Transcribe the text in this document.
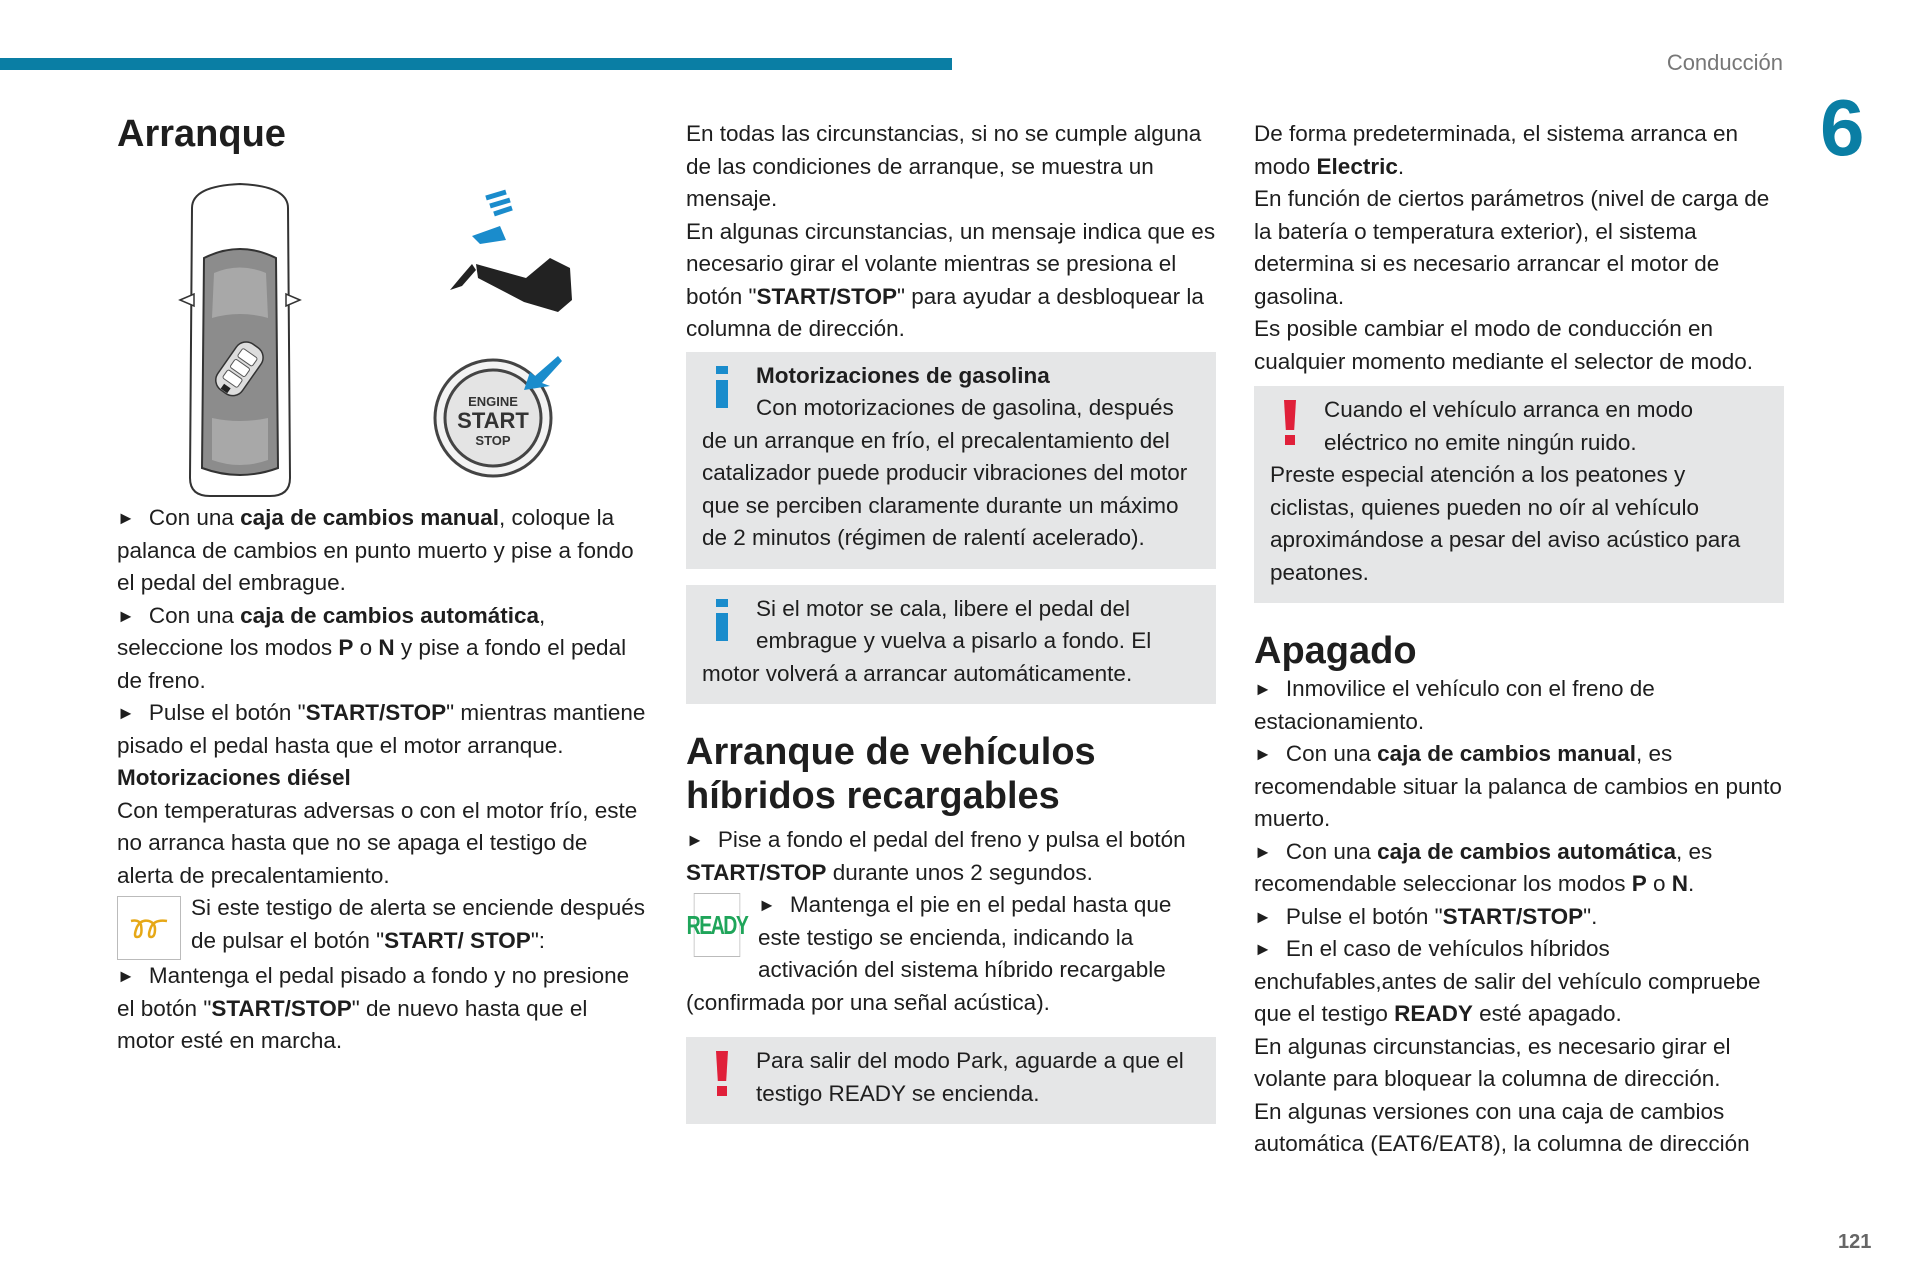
Conducción
6
121
Arranque
ENGINE
START
STOP

► Con una caja de cambios manual, coloque la palanca de cambios en punto muerto y pise a fondo el pedal del embrague.

► Con una caja de cambios automática, seleccione los modos P o N y pise a fondo el pedal de freno.

► Pulse el botón "START/STOP" mientras mantiene pisado el pedal hasta que el motor arranque.

Motorizaciones diésel

Con temperaturas adversas o con el motor frío, este no arranca hasta que no se apaga el testigo de alerta de precalentamiento.

Si este testigo de alerta se enciende después de pulsar el botón "START/ STOP":

► Mantenga el pedal pisado a fondo y no presione el botón "START/STOP" de nuevo hasta que el motor esté en marcha.

En todas las circunstancias, si no se cumple alguna de las condiciones de arranque, se muestra un mensaje.

En algunas circunstancias, un mensaje indica que es necesario girar el volante mientras se presiona el botón "START/STOP" para ayudar a desbloquear la columna de dirección.

Motorizaciones de gasolina

Con motorizaciones de gasolina, después de un arranque en frío, el precalentamiento del catalizador puede producir vibraciones del motor que se perciben claramente durante un máximo de 2 minutos (régimen de ralentí acelerado).

Si el motor se cala, libere el pedal del embrague y vuelva a pisarlo a fondo. El motor volverá a arrancar automáticamente.

Arranque de vehículos híbridos recargables

► Pise a fondo el pedal del freno y pulsa el botón START/STOP durante unos 2 segundos.

READY
► Mantenga el pie en el pedal hasta que este testigo se encienda, indicando la activación del sistema híbrido recargable (confirmada por una señal acústica).

Para salir del modo Park, aguarde a que el testigo READY se encienda.

De forma predeterminada, el sistema arranca en modo Electric.

En función de ciertos parámetros (nivel de carga de la batería o temperatura exterior), el sistema determina si es necesario arrancar el motor de gasolina.

Es posible cambiar el modo de conducción en cualquier momento mediante el selector de modo.

Cuando el vehículo arranca en modo eléctrico no emite ningún ruido.

Preste especial atención a los peatones y ciclistas, quienes pueden no oír al vehículo aproximándose a pesar del aviso acústico para peatones.

Apagado

► Inmovilice el vehículo con el freno de estacionamiento.

► Con una caja de cambios manual, es recomendable situar la palanca de cambios en punto muerto.

► Con una caja de cambios automática, es recomendable seleccionar los modos P o N.

► Pulse el botón "START/STOP".

► En el caso de vehículos híbridos enchufables,antes de salir del vehículo compruebe que el testigo READY esté apagado.

En algunas circunstancias, es necesario girar el volante para bloquear la columna de dirección.

En algunas versiones con una caja de cambios automática (EAT6/EAT8), la columna de dirección
